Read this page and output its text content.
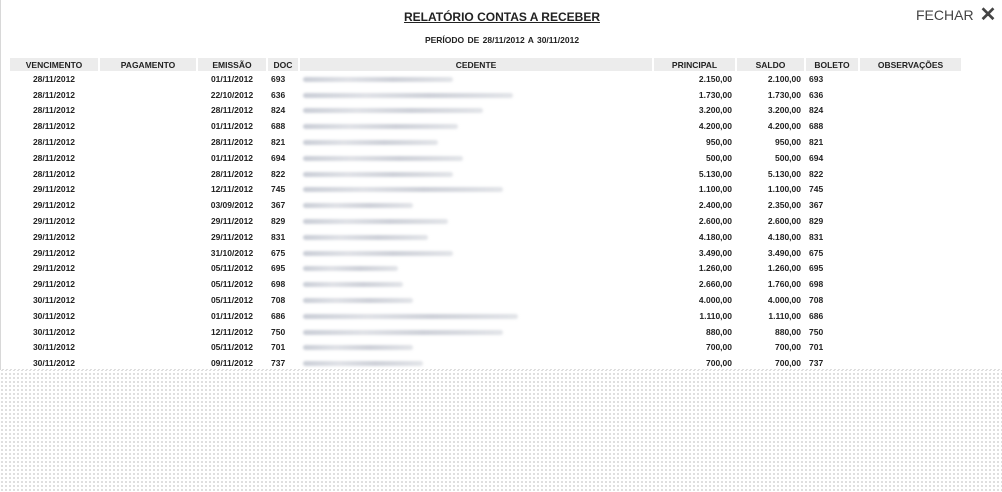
RELATÓRIO CONTAS A RECEBER
PERÍODO DE 28/11/2012 A 30/11/2012
FECHAR ✕
VENCIMENTO	PAGAMENTO	EMISSÃO	DOC	CEDENTE	PRINCIPAL	SALDO	BOLETO	OBSERVAÇÕES
28/11/2012		01/11/2012	693		2.150,00	2.100,00	693	
28/11/2012		22/10/2012	636		1.730,00	1.730,00	636	
28/11/2012		28/11/2012	824		3.200,00	3.200,00	824	
28/11/2012		01/11/2012	688		4.200,00	4.200,00	688	
28/11/2012		28/11/2012	821		950,00	950,00	821	
28/11/2012		01/11/2012	694		500,00	500,00	694	
28/11/2012		28/11/2012	822		5.130,00	5.130,00	822	
29/11/2012		12/11/2012	745		1.100,00	1.100,00	745	
29/11/2012		03/09/2012	367		2.400,00	2.350,00	367	
29/11/2012		29/11/2012	829		2.600,00	2.600,00	829	
29/11/2012		29/11/2012	831		4.180,00	4.180,00	831	
29/11/2012		31/10/2012	675		3.490,00	3.490,00	675	
29/11/2012		05/11/2012	695		1.260,00	1.260,00	695	
29/11/2012		05/11/2012	698		2.660,00	1.760,00	698	
30/11/2012		05/11/2012	708		4.000,00	4.000,00	708	
30/11/2012		01/11/2012	686		1.110,00	1.110,00	686	
30/11/2012		12/11/2012	750		880,00	880,00	750	
30/11/2012		05/11/2012	701		700,00	700,00	701	
30/11/2012		09/11/2012	737		700,00	700,00	737	
